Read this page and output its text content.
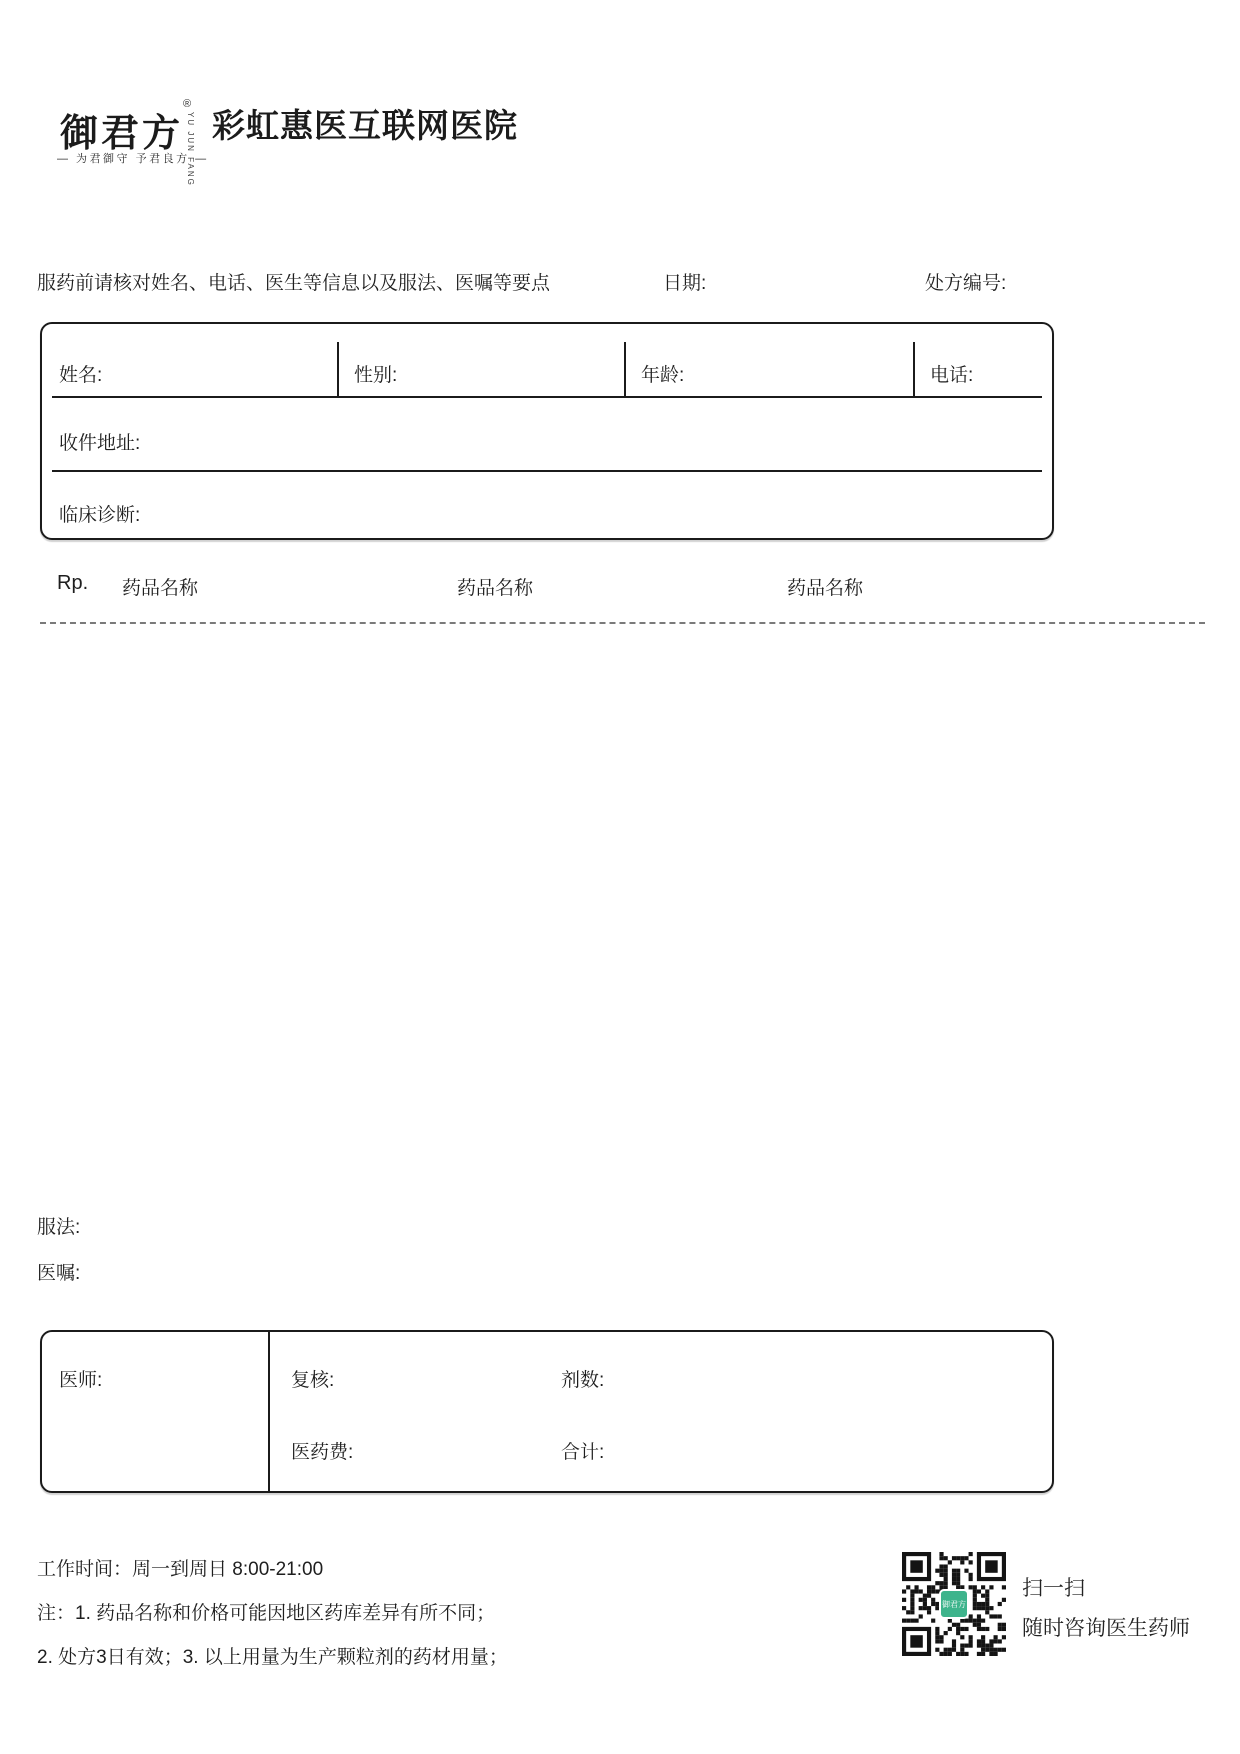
御君方
®
YU JUN FANG
— 为君御守 予君良方 —
彩虹惠医互联网医院
服药前请核对姓名、电话、医生等信息以及服法、医嘱等要点	日期:	处方编号:
姓名:	性别:	年龄:	电话:
收件地址:
临床诊断:
Rp. 药品名称	药品名称	药品名称
服法:
医嘱:
医师:	复核:	剂数:
医药费:	合计:
工作时间：周一到周日 8:00-21:00
注：1. 药品名称和价格可能因地区药库差异有所不同；
2. 处方3日有效；3. 以上用量为生产颗粒剂的药材用量；
御君方
扫一扫
随时咨询医生药师
